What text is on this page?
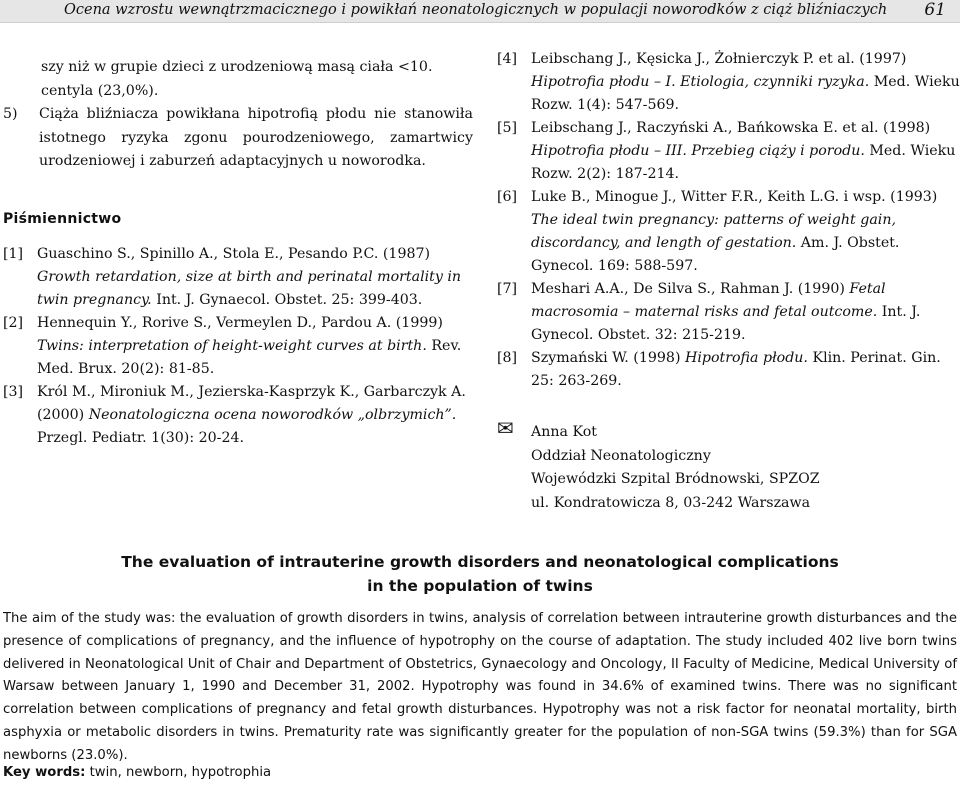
Ocena wzrostu wewnątrzmacicznego i powikłań neonatologicznych w populacji noworodków z ciąż bliźniaczych 61

szy niż w grupie dzieci z urodzeniową masą ciała <10.

centyla (23,0%).

5)	Ciąża bliźniacza powikłana hipotrofią płodu nie stanowiła istotnego ryzyka zgonu pourodzeniowego, zamartwicy urodzeniowej i zaburzeń adaptacyjnych u noworodka.
Piśmiennictwo
[1] Guaschino S., Spinillo A., Stola E., Pesando P.C. (1987) Growth retardation, size at birth and perinatal mortality in twin pregnancy. Int. J. Gynaecol. Obstet. 25: 399-403.
[2] Hennequin Y., Rorive S., Vermeylen D., Pardou A. (1999) Twins: interpretation of height-weight curves at birth. Rev. Med. Brux. 20(2): 81-85.
[3] Król M., Mironiuk M., Jezierska-Kasprzyk K., Garbarczyk A. (2000) Neonatologiczna ocena noworodków „olbrzymich”. Przegl. Pediatr. 1(30): 20-24.
[4] Leibschang J., Kęsicka J., Żołnierczyk P. et al. (1997) Hipotrofia płodu – I. Etiologia, czynniki ryzyka. Med. Wieku Rozw. 1(4): 547-569.
[5] Leibschang J., Raczyński A., Bańkowska E. et al. (1998) Hipotrofia płodu – III. Przebieg ciąży i porodu. Med. Wieku Rozw. 2(2): 187-214.
[6] Luke B., Minogue J., Witter F.R., Keith L.G. i wsp. (1993) The ideal twin pregnancy: patterns of weight gain, discordancy, and length of gestation. Am. J. Obstet. Gynecol. 169: 588-597.
[7] Meshari A.A., De Silva S., Rahman J. (1990) Fetal macrosomia – maternal risks and fetal outcome. Int. J. Gynecol. Obstet. 32: 215-219.
[8] Szymański W. (1998) Hipotrofia płodu. Klin. Perinat. Gin. 25: 263-269.
✉ Anna Kot
Oddział Neonatologiczny
Wojewódzki Szpital Bródnowski, SPZOZ
ul. Kondratowicza 8, 03-242 Warszawa
The evaluation of intrauterine growth disorders and neonatological complications
in the population of twins

The aim of the study was: the evaluation of growth disorders in twins, analysis of correlation between intrauterine growth disturbances and the presence of complications of pregnancy, and the influence of hypotrophy on the course of adaptation. The study included 402 live born twins delivered in Neonatological Unit of Chair and Department of Obstetrics, Gynaecology and Oncology, II Faculty of Medicine, Medical University of Warsaw between January 1, 1990 and December 31, 2002. Hypotrophy was found in 34.6% of examined twins. There was no significant correlation between complications of pregnancy and fetal growth disturbances. Hypotrophy was not a risk factor for neonatal mortality, birth asphyxia or metabolic disorders in twins. Prematurity rate was significantly greater for the population of non-SGA twins (59.3%) than for SGA newborns (23.0%).

Key words: twin, newborn, hypotrophia
